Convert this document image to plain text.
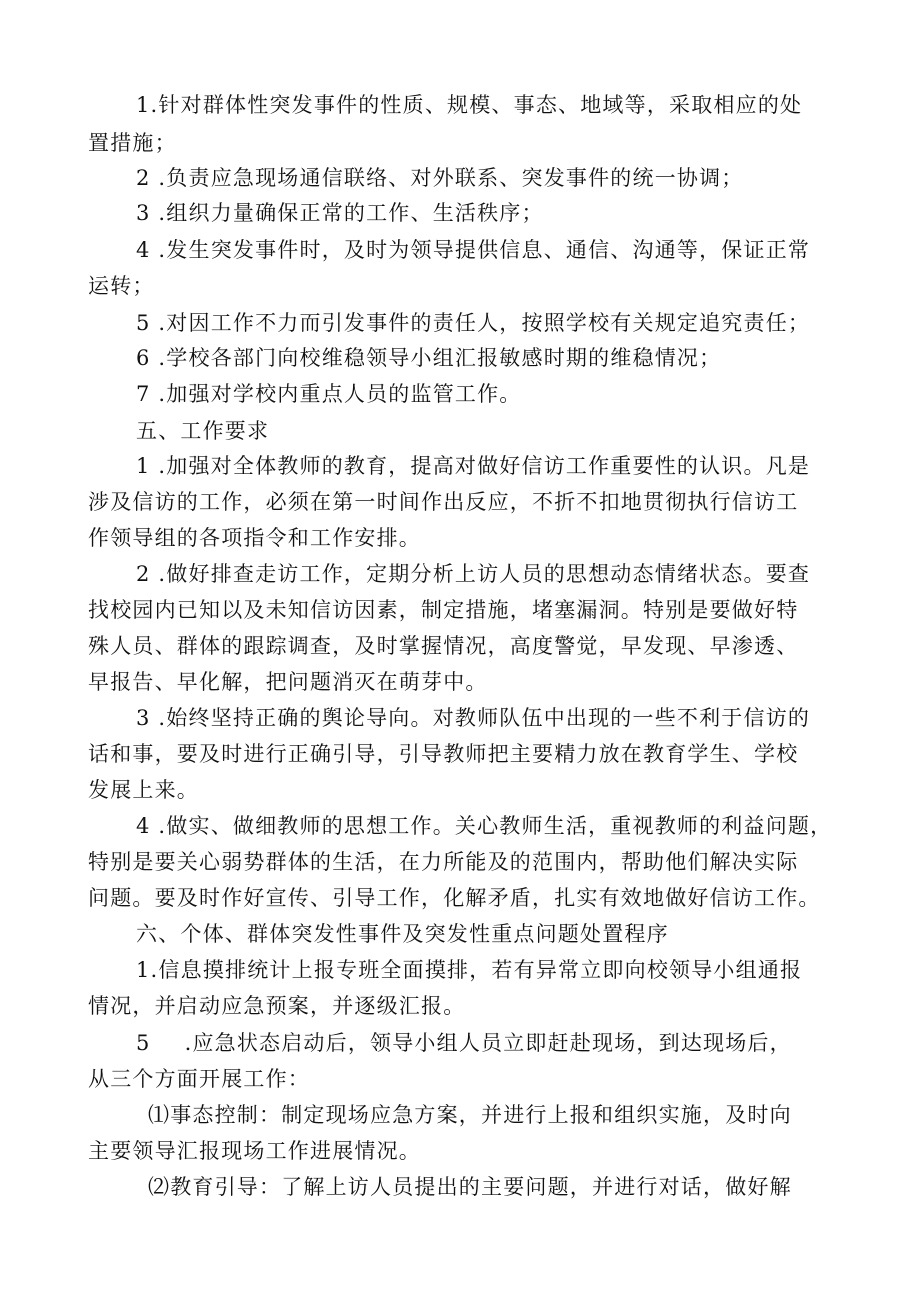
1.针对群体性突发事件的性质、规模、事态、地域等，采取相应的处
置措施；
2 .负责应急现场通信联络、对外联系、突发事件的统一协调；
3 .组织力量确保正常的工作、生活秩序；
4 .发生突发事件时，及时为领导提供信息、通信、沟通等，保证正常
运转；
5 .对因工作不力而引发事件的责任人，按照学校有关规定追究责任；
6 .学校各部门向校维稳领导小组汇报敏感时期的维稳情况；
7 .加强对学校内重点人员的监管工作。
五、工作要求
1 .加强对全体教师的教育，提高对做好信访工作重要性的认识。凡是
涉及信访的工作，必须在第一时间作出反应，不折不扣地贯彻执行信访工
作领导组的各项指令和工作安排。
2 .做好排查走访工作，定期分析上访人员的思想动态情绪状态。要查
找校园内已知以及未知信访因素，制定措施，堵塞漏洞。特别是要做好特
殊人员、群体的跟踪调查，及时掌握情况，高度警觉，早发现、早渗透、
早报告、早化解，把问题消灭在萌芽中。
3 .始终坚持正确的舆论导向。对教师队伍中出现的一些不利于信访的
话和事，要及时进行正确引导，引导教师把主要精力放在教育学生、学校
发展上来。
4 .做实、做细教师的思想工作。关心教师生活，重视教师的利益问题，
特别是要关心弱势群体的生活，在力所能及的范围内，帮助他们解决实际
问题。要及时作好宣传、引导工作，化解矛盾，扎实有效地做好信访工作。
六、个体、群体突发性事件及突发性重点问题处置程序
1.信息摸排统计上报专班全面摸排，若有异常立即向校领导小组通报
情况，并启动应急预案，并逐级汇报。
5 .应急状态启动后，领导小组人员立即赶赴现场，到达现场后，
从三个方面开展工作：
⑴事态控制：制定现场应急方案，并进行上报和组织实施，及时向
主要领导汇报现场工作进展情况。
⑵教育引导：了解上访人员提出的主要问题，并进行对话，做好解
